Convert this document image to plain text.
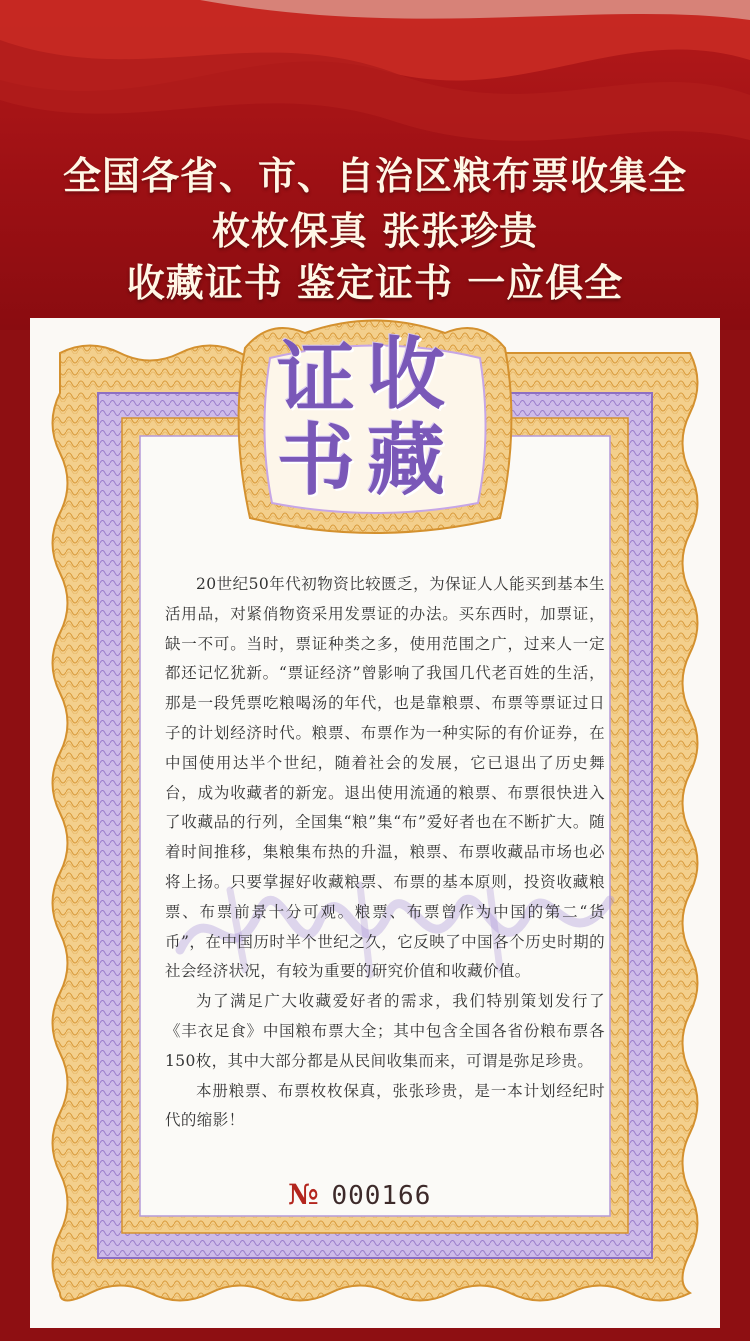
全国各省、市、自治区粮布票收集全
枚枚保真 张张珍贵
收藏证书 鉴定证书 一应俱全
证 收
书 藏

20世纪50年代初物资比较匮乏，为保证人人能买到基本生活用品，对紧俏物资采用发票证的办法。买东西时，加票证，缺一不可。当时，票证种类之多，使用范围之广，过来人一定都还记忆犹新。“票证经济”曾影响了我国几代老百姓的生活，那是一段凭票吃粮喝汤的年代，也是靠粮票、布票等票证过日子的计划经济时代。粮票、布票作为一种实际的有价证券，在中国使用达半个世纪，随着社会的发展，它已退出了历史舞台，成为收藏者的新宠。退出使用流通的粮票、布票很快进入了收藏品的行列，全国集“粮”集“布”爱好者也在不断扩大。随着时间推移，集粮集布热的升温，粮票、布票收藏品市场也必将上扬。只要掌握好收藏粮票、布票的基本原则，投资收藏粮票、布票前景十分可观。粮票、布票曾作为中国的第二“货币”，在中国历时半个世纪之久，它反映了中国各个历史时期的社会经济状况，有较为重要的研究价值和收藏价值。

为了满足广大收藏爱好者的需求，我们特别策划发行了《丰衣足食》中国粮布票大全；其中包含全国各省份粮布票各150枚，其中大部分都是从民间收集而来，可谓是弥足珍贵。

本册粮票、布票枚枚保真，张张珍贵，是一本计划经纪时代的缩影！

№ 000166
